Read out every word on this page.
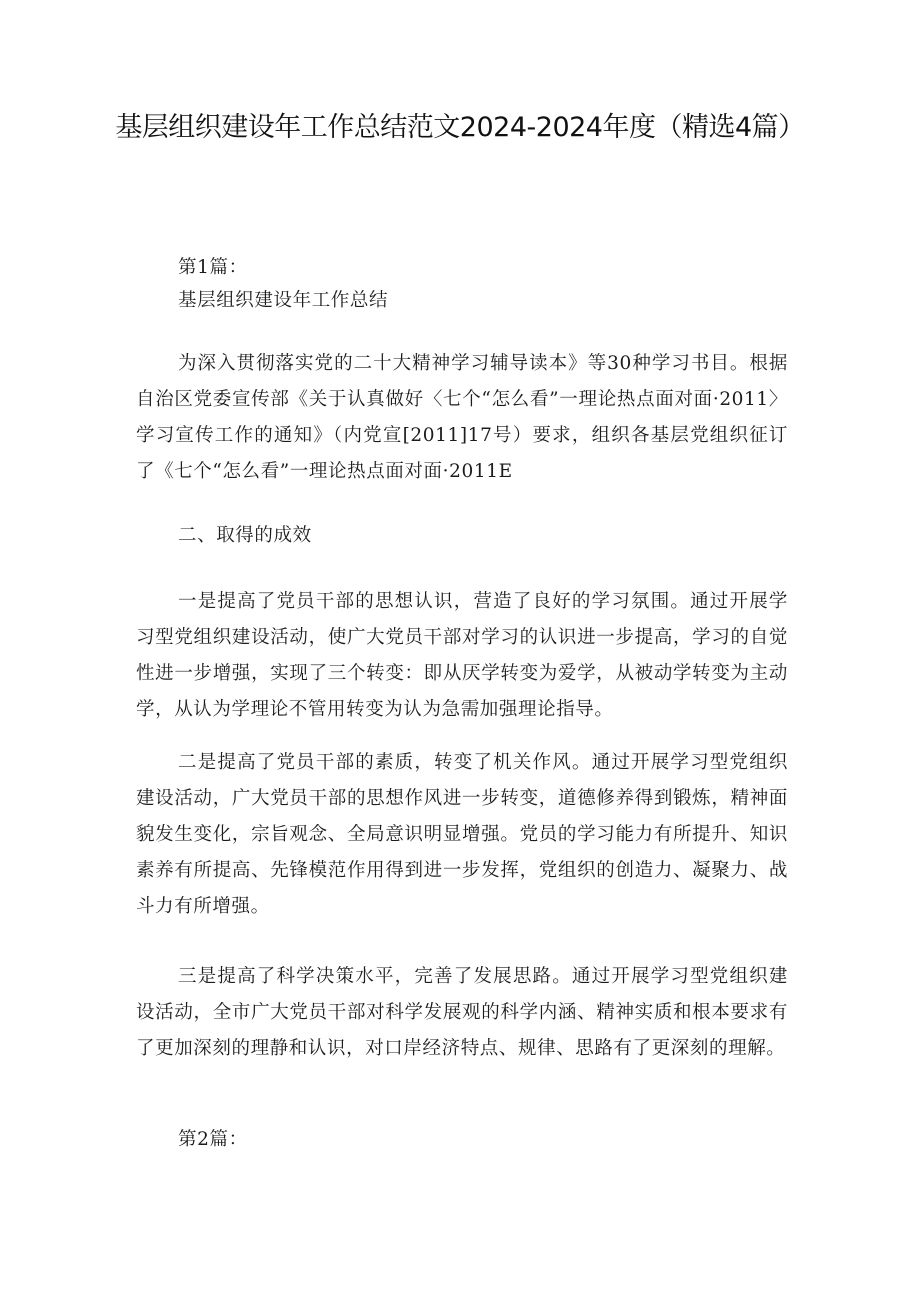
基层组织建设年工作总结范文2024-2024年度（精选4篇）

第1篇：

基层组织建设年工作总结

为深入贯彻落实党的二十大精神学习辅导读本》等30种学习书目。根据自治区党委宣传部《关于认真做好〈七个“怎么看”一理论热点面对面·2011〉学习宣传工作的通知》（内党宣[2011]17号）要求，组织各基层党组织征订了《七个“怎么看”一理论热点面对面·2011E

二、取得的成效

一是提高了党员干部的思想认识，营造了良好的学习氛围。通过开展学习型党组织建设活动，使广大党员干部对学习的认识进一步提高，学习的自觉性进一步增强，实现了三个转变：即从厌学转变为爱学，从被动学转变为主动学，从认为学理论不管用转变为认为急需加强理论指导。

二是提高了党员干部的素质，转变了机关作风。通过开展学习型党组织建设活动，广大党员干部的思想作风进一步转变，道德修养得到锻炼，精神面貌发生变化，宗旨观念、全局意识明显增强。党员的学习能力有所提升、知识素养有所提高、先锋模范作用得到进一步发挥，党组织的创造力、凝聚力、战斗力有所增强。

三是提高了科学决策水平，完善了发展思路。通过开展学习型党组织建设活动，全市广大党员干部对科学发展观的科学内涵、精神实质和根本要求有了更加深刻的理静和认识，对口岸经济特点、规律、思路有了更深刻的理解。

第2篇：
